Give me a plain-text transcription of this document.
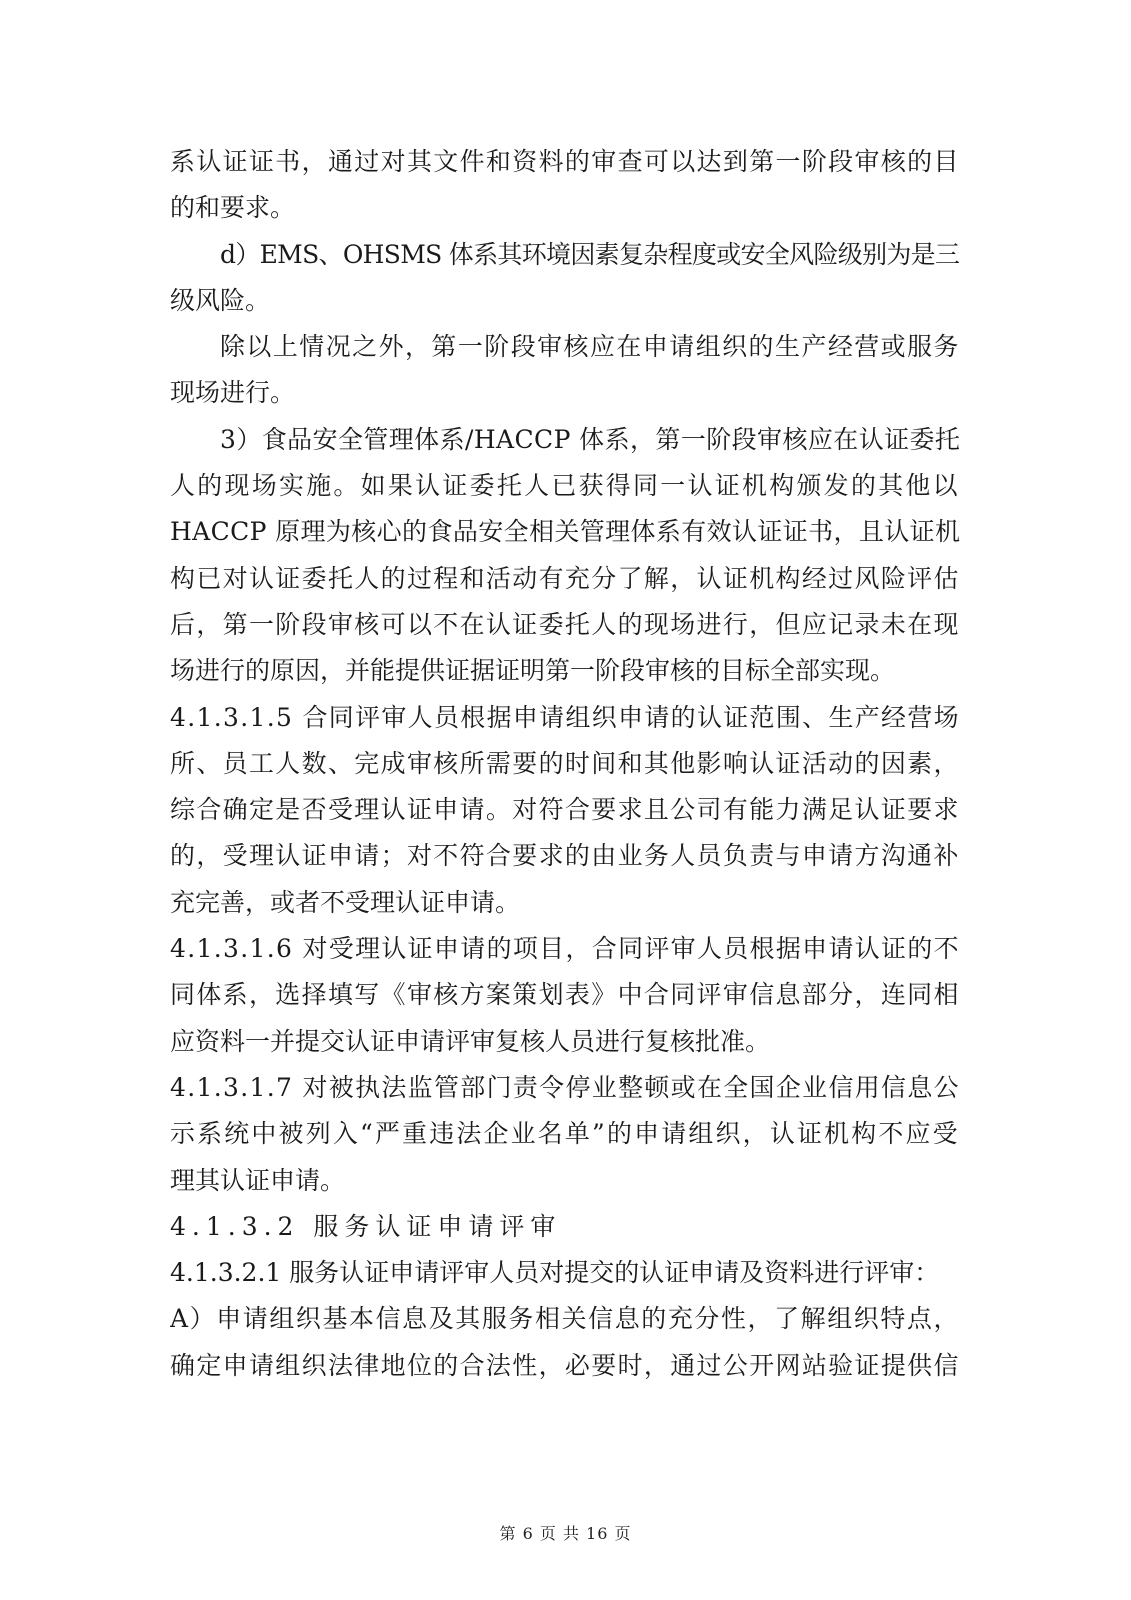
系认证证书，通过对其文件和资料的审查可以达到第一阶段审核的目
的和要求。
d）EMS、OHSMS 体系其环境因素复杂程度或安全风险级别为是三
级风险。
除以上情况之外，第一阶段审核应在申请组织的生产经营或服务
现场进行。
3）食品安全管理体系/HACCP 体系，第一阶段审核应在认证委托
人的现场实施。如果认证委托人已获得同一认证机构颁发的其他以
HACCP 原理为核心的食品安全相关管理体系有效认证证书，且认证机
构已对认证委托人的过程和活动有充分了解，认证机构经过风险评估
后，第一阶段审核可以不在认证委托人的现场进行，但应记录未在现
场进行的原因，并能提供证据证明第一阶段审核的目标全部实现。
4.1.3.1.5 合同评审人员根据申请组织申请的认证范围、生产经营场
所、员工人数、完成审核所需要的时间和其他影响认证活动的因素，
综合确定是否受理认证申请。对符合要求且公司有能力满足认证要求
的，受理认证申请；对不符合要求的由业务人员负责与申请方沟通补
充完善，或者不受理认证申请。
4.1.3.1.6 对受理认证申请的项目，合同评审人员根据申请认证的不
同体系，选择填写《审核方案策划表》中合同评审信息部分，连同相
应资料一并提交认证申请评审复核人员进行复核批准。
4.1.3.1.7 对被执法监管部门责令停业整顿或在全国企业信用信息公
示系统中被列入“严重违法企业名单”的申请组织，认证机构不应受
理其认证申请。
4.1.3.2 服务认证申请评审
4.1.3.2.1 服务认证申请评审人员对提交的认证申请及资料进行评审：
A）申请组织基本信息及其服务相关信息的充分性，了解组织特点，
确定申请组织法律地位的合法性，必要时，通过公开网站验证提供信
第 6 页 共 16 页
